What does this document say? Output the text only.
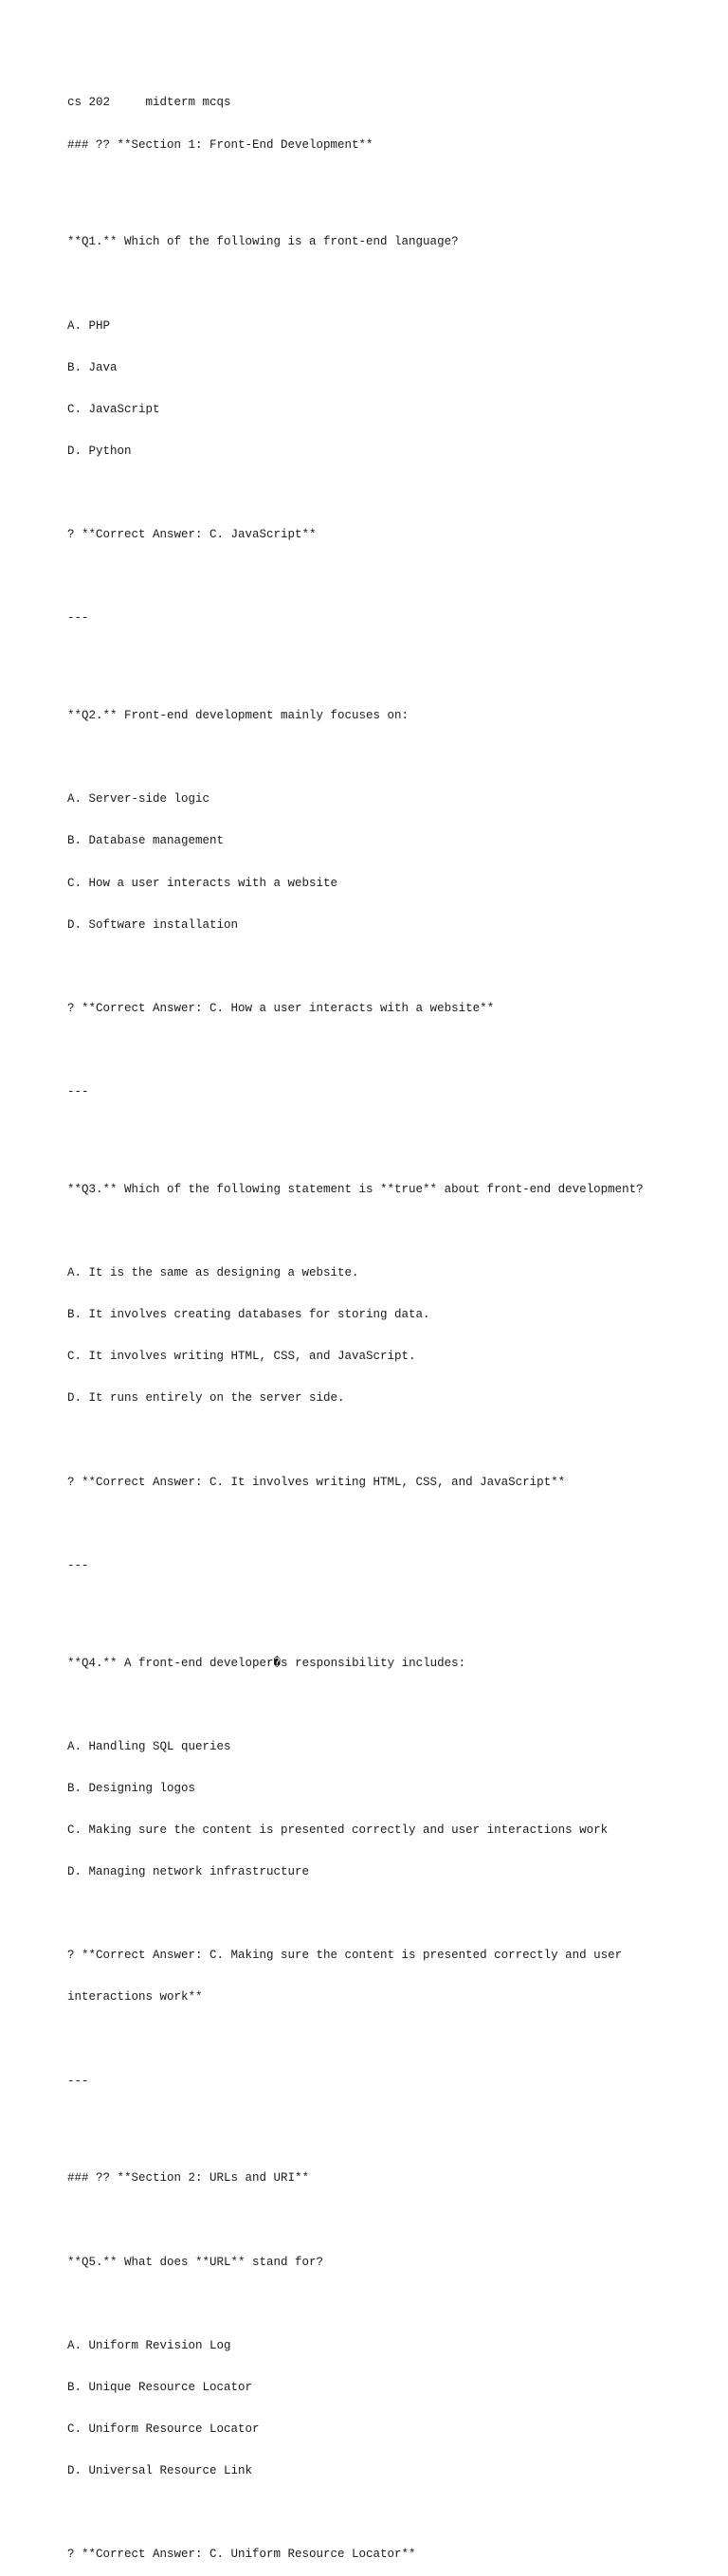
cs 202	midterm mcqs

### ?? **Section 1: Front-End Development**

**Q1.** Which of the following is a front-end language?

A. PHP

B. Java

C. JavaScript

D. Python

? **Correct Answer: C. JavaScript**

---

**Q2.** Front-end development mainly focuses on:

A. Server-side logic

B. Database management

C. How a user interacts with a website

D. Software installation

? **Correct Answer: C. How a user interacts with a website**

---

**Q3.** Which of the following statement is **true** about front-end development?

A. It is the same as designing a website.

B. It involves creating databases for storing data.

C. It involves writing HTML, CSS, and JavaScript.

D. It runs entirely on the server side.

? **Correct Answer: C. It involves writing HTML, CSS, and JavaScript**

---

**Q4.** A front-end developer�s responsibility includes:

A. Handling SQL queries

B. Designing logos

C. Making sure the content is presented correctly and user interactions work

D. Managing network infrastructure

? **Correct Answer: C. Making sure the content is presented correctly and user

interactions work**

---

### ?? **Section 2: URLs and URI**

**Q5.** What does **URL** stand for?

A. Uniform Revision Log

B. Unique Resource Locator

C. Uniform Resource Locator

D. Universal Resource Link

? **Correct Answer: C. Uniform Resource Locator**
